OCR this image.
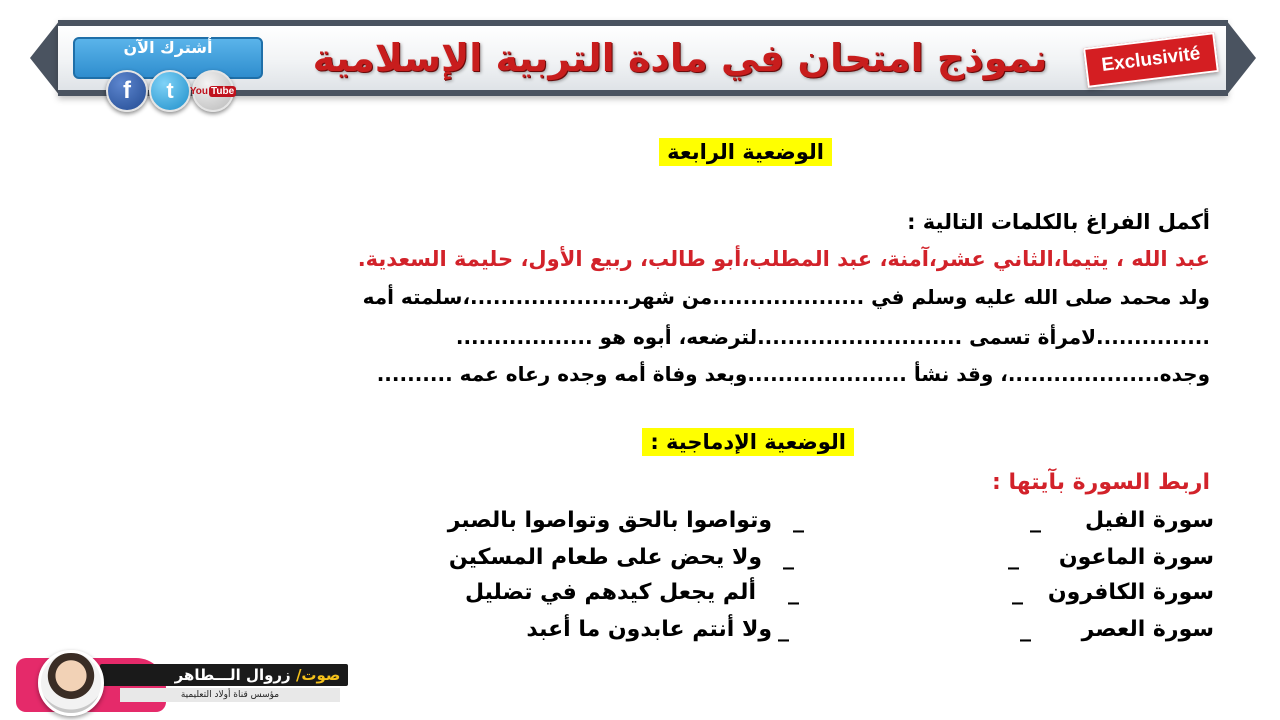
أشترك الآن
f t You Tube
نموذج امتحان في مادة التربية الإسلامية	Exclusivité
الوضعية الرابعة
أكمل الفراغ بالكلمات التالية :
عبد الله ، يتيما،الثاني عشر،آمنة، عبد المطلب،أبو طالب، ربيع الأول، حليمة السعدية.
ولد محمد صلى الله عليه وسلم في ....................من شهر.....................،سلمته أمه
...............لامرأة تسمى ...........................لترضعه، أبوه هو ..................
وجده....................، وقد نشأ .....................وبعد وفاة أمه وجده رعاه عمه ..........
الوضعية الإدماجية :
اربط السورة بآيتها :
سورة الفيل
سورة الماعون
سورة الكافرون
سورة العصر
_
_
_
_
_
_
_
_
وتواصوا بالحق وتواصوا بالصبر
ولا يحض على طعام المسكين
ألم يجعل كيدهم في تضليل
ولا أنتم عابدون ما أعبد
صوت/ زروال الـــطاهر
مؤسس قناة أولاد التعليمية
